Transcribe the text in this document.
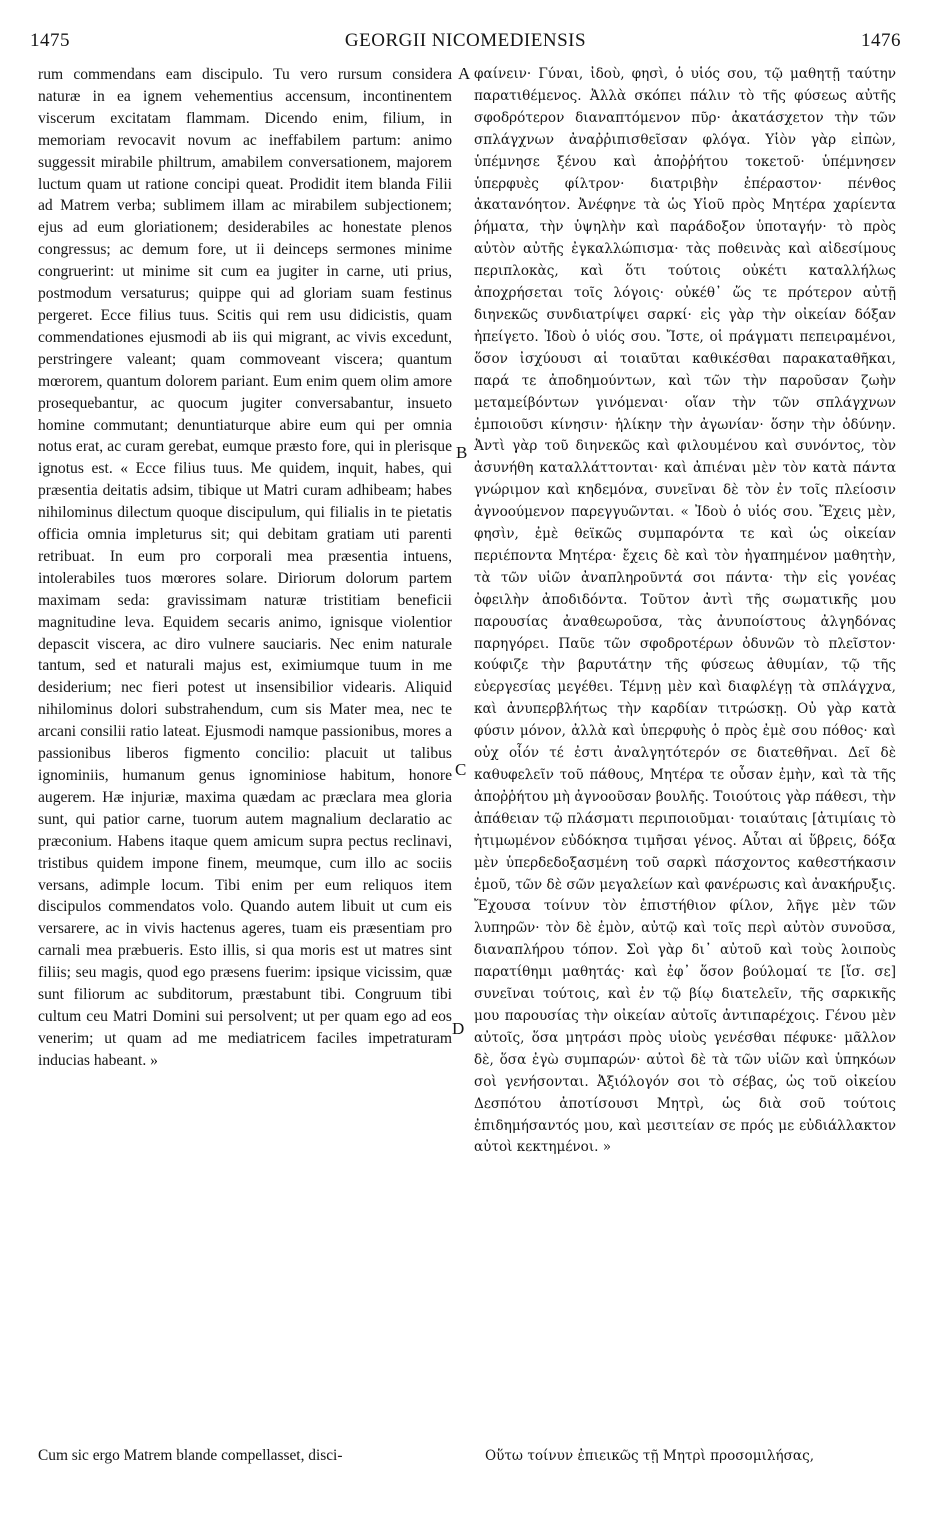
1475	GEORGII NICOMEDIENSIS	1476
rum commendans eam discipulo. Tu vero rursum considera naturæ in ea ignem vehementius accensum, incontinentem viscerum excitatam flammam. Dicendo enim, filium, in memoriam revocavit novum ac ineffabilem partum: animo suggessit mirabile philtrum, amabilem conversationem, majorem luctum quam ut ratione concipi queat. Prodidit item blanda Filii ad Matrem verba; sublimem illam ac mirabilem subjectionem; ejus ad eum gloriationem; desiderabiles ac honestate plenos congressus; ac demum fore, ut ii deinceps sermones minime congruerint: ut minime sit cum ea jugiter in carne, uti prius, postmodum versaturus; quippe qui ad gloriam suam festinus pergeret. Ecce filius tuus. Scitis qui rem usu didicistis, quam commendationes ejusmodi ab iis qui migrant, ac vivis excedunt, perstringere valeant; quam commoveant viscera; quantum mœrorem, quantum dolorem pariant. Eum enim quem olim amore prosequebantur, ac quocum jugiter conversabantur, insueto homine commutant; denuntiaturque abire eum qui per omnia notus erat, ac curam gerebat, eumque præsto fore, qui in plerisque ignotus est. « Ecce filius tuus. Me quidem, inquit, habes, qui præsentia deitatis adsim, tibique ut Matri curam adhibeam; habes nihilominus dilectum quoque discipulum, qui filialis in te pietatis officia omnia impleturus sit; qui debitam gratiam uti parenti retribuat. In eum pro corporali mea præsentia intuens, intolerabiles tuos mœrores solare. Diriorum dolorum partem maximam seda: gravissimam naturæ tristitiam beneficii magnitudine leva. Equidem secaris animo, ignisque violentior depascit viscera, ac diro vulnere sauciaris. Nec enim naturale tantum, sed et naturali majus est, eximiumque tuum in me desiderium; nec fieri potest ut insensibilior videaris. Aliquid nihilominus dolori substrahendum, cum sis Mater mea, nec te arcani consilii ratio lateat. Ejusmodi namque passionibus, mores a passionibus liberos figmento concilio: placuit ut talibus ignominiis, humanum genus ignominiose habitum, honore augerem. Hæ injuriæ, maxima quædam ac præclara mea gloria sunt, qui patior carne, tuorum autem magnalium declaratio ac præconium. Habens itaque quem amicum supra pectus reclinavi, tristibus quidem impone finem, meumque, cum illo ac sociis versans, adimple locum. Tibi enim per eum reliquos item discipulos commendatos volo. Quando autem libuit ut cum eis versarere, ac in vivis hactenus ageres, tuam eis præsentiam pro carnali mea præbueris. Esto illis, si qua moris est ut matres sint filiis; seu magis, quod ego præsens fuerim: ipsique vicissim, quæ sunt filiorum ac subditorum, præstabunt tibi. Congruum tibi cultum ceu Matri Domini sui persolvent; ut per quam ego ad eos venerim; ut quam ad me mediatricem faciles impetraturam inducias habeant. »
A
B
C
D
φαίνειν· Γύναι, ἰδοὺ, φησὶ, ὁ υἱός σου, τῷ μαθητῇ ταύτην παρατιθέμενος. Ἀλλὰ σκόπει πάλιν τὸ τῆς φύσεως αὐτῆς σφοδρότερον διαναπτόμενον πῦρ· ἀκατάσχετον τὴν τῶν σπλάγχνων ἀναῤῥιπισθεῖσαν φλόγα. Υἱὸν γὰρ εἰπὼν, ὑπέμνησε ξένου καὶ ἀποῤῥήτου τοκετοῦ· ὑπέμνησεν ὑπερφυὲς φίλτρον· διατριβὴν ἐπέραστον· πένθος ἀκατανόητον. Ἀνέφηνε τὰ ὡς Υἱοῦ πρὸς Μητέρα χαρίεντα ῥήματα, τὴν ὑψηλὴν καὶ παράδοξον ὑποταγήν· τὸ πρὸς αὐτὸν αὐτῆς ἐγκαλλώπισμα· τὰς ποθεινὰς καὶ αἰδεσίμους περιπλοκὰς, καὶ ὅτι τούτοις οὐκέτι καταλλήλως ἀποχρήσεται τοῖς λόγοις· οὐκέθ᾽ ὥς τε πρότερον αὐτῇ διηνεκῶς συνδιατρίψει σαρκί· εἰς γὰρ τὴν οἰκείαν δόξαν ἠπείγετο. Ἰδοὺ ὁ υἱός σου. Ἴστε, οἱ πράγματι πεπειραμένοι, ὅσον ἰσχύουσι αἱ τοιαῦται καθικέσθαι παρακαταθῆκαι, παρά τε ἀποδημούντων, καὶ τῶν τὴν παροῦσαν ζωὴν μεταμείβόντων γινόμεναι· οἵαν τὴν τῶν σπλάγχνων ἐμποιοῦσι κίνησιν· ἡλίκην τὴν ἀγωνίαν· ὅσην τὴν ὀδύνην. Ἀντὶ γὰρ τοῦ διηνεκῶς καὶ φιλουμένου καὶ συνόντος, τὸν ἀσυνήθη καταλλάττονται· καὶ ἀπιέναι μὲν τὸν κατὰ πάντα γνώριμον καὶ κηδεμόνα, συνεῖναι δὲ τὸν ἐν τοῖς πλείοσιν ἀγνοούμενον παρεγγυῶνται. « Ἰδοὺ ὁ υἱός σου. Ἔχεις μὲν, φησὶν, ἐμὲ θεϊκῶς συμπαρόντα τε καὶ ὡς οἰκείαν περιέποντα Μητέρα· ἔχεις δὲ καὶ τὸν ἠγαπημένον μαθητὴν, τὰ τῶν υἱῶν ἀναπληροῦντά σοι πάντα· τὴν εἰς γονέας ὀφειλὴν ἀποδιδόντα. Τοῦτον ἀντὶ τῆς σωματικῆς μου παρουσίας ἀναθεωροῦσα, τὰς ἀνυποίστους ἀλγηδόνας παρηγόρει. Παῦε τῶν σφοδροτέρων ὀδυνῶν τὸ πλεῖστον· κούφιζε τὴν βαρυτάτην τῆς φύσεως ἀθυμίαν, τῷ τῆς εὐεργεσίας μεγέθει. Τέμνῃ μὲν καὶ διαφλέγῃ τὰ σπλάγχνα, καὶ ἀνυπερβλήτως τὴν καρδίαν τιτρώσκῃ. Οὐ γὰρ κατὰ φύσιν μόνον, ἀλλὰ καὶ ὑπερφυὴς ὁ πρὸς ἐμὲ σου πόθος· καὶ οὐχ οἷόν τέ ἐστι ἀναλγητότερόν σε διατεθῆναι. Δεῖ δὲ καθυφελεῖν τοῦ πάθους, Μητέρα τε οὖσαν ἐμὴν, καὶ τὰ τῆς ἀποῤῥήτου μὴ ἀγνοοῦσαν βουλῆς. Τοιούτοις γὰρ πάθεσι, τὴν ἀπάθειαν τῷ πλάσματι περιποιοῦμαι· τοιαύταις [ἀτιμίαις τὸ ἠτιμωμένον εὐδόκησα τιμῆσαι γένος. Αὗται αἱ ὕβρεις, δόξα μὲν ὑπερδεδοξασμένη τοῦ σαρκὶ πάσχοντος καθεστήκασιν ἐμοῦ, τῶν δὲ σῶν μεγαλείων καὶ φανέρωσις καὶ ἀνακήρυξις. Ἔχουσα τοίνυν τὸν ἐπιστήθιον φίλον, λῆγε μὲν τῶν λυπηρῶν· τὸν δὲ ἐμὸν, αὐτῷ καὶ τοῖς περὶ αὐτὸν συνοῦσα, διαναπλήρου τόπον. Σοὶ γὰρ δι᾽ αὐτοῦ καὶ τοὺς λοιποὺς παρατίθημι μαθητάς· καὶ ἐφ᾽ ὅσον βούλομαί τε [ἴσ. σε] συνεῖναι τούτοις, καὶ ἐν τῷ βίῳ διατελεῖν, τῆς σαρκικῆς μου παρουσίας τὴν οἰκείαν αὐτοῖς ἀντιπαρέχοις. Γένου μὲν αὐτοῖς, ὅσα μητράσι πρὸς υἱοὺς γενέσθαι πέφυκε· μᾶλλον δὲ, ὅσα ἐγὼ συμπαρών· αὐτοὶ δὲ τὰ τῶν υἱῶν καὶ ὑπηκόων σοὶ γενήσονται. Ἀξιόλογόν σοι τὸ σέβας, ὡς τοῦ οἰκείου Δεσπότου ἀποτίσουσι Μητρὶ, ὡς διὰ σοῦ τούτοις ἐπιδημήσαντός μου, καὶ μεσιτείαν σε πρός με εὐδιάλλακτον αὐτοὶ κεκτημένοι. »
Cum sic ergo Matrem blande compellasset, disci-	Οὕτω τοίνυν ἐπιεικῶς τῇ Μητρὶ προσομιλήσας,
